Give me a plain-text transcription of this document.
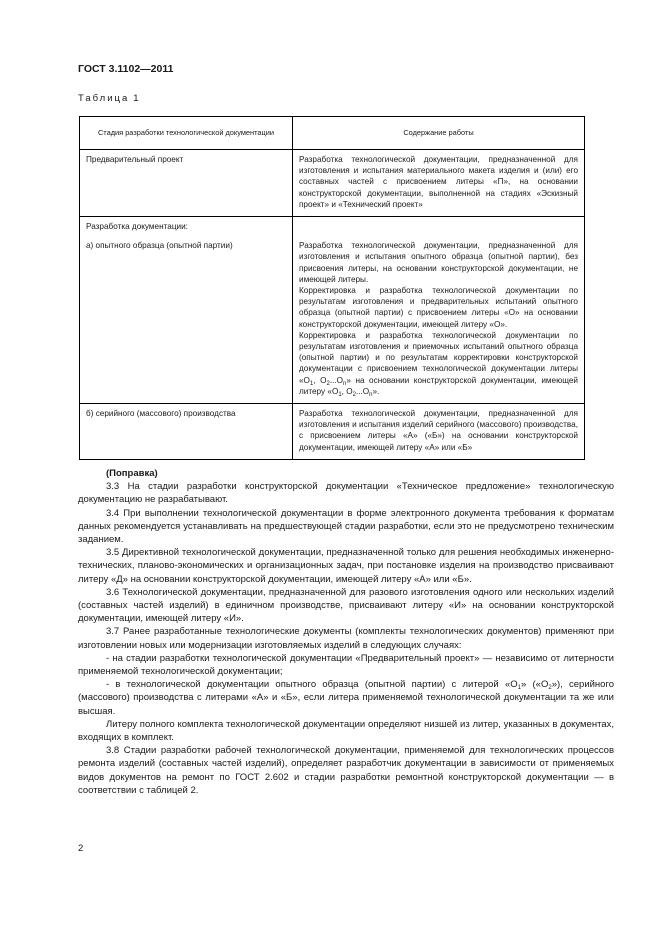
ГОСТ 3.1102—2011
Таблица 1
Стадия разработки технологической документации	Содержание работы
Предварительный проект	Разработка технологической документации, предназначенной для изготовления и испытания материального макета изделия и (или) его составных частей с присвоением литеры «П», на основании конструкторской документации, выполненной на стадиях «Эскизный проект» и «Технический проект»
Разработка документации:	

а) опытного образца (опытной партии)	Разработка технологической документации, предназначенной для изготовления и испытания опытного образца (опытной партии), без присвоения литеры, на основании конструкторской документации, не имеющей литеры.
Корректировка и разработка технологической документации по результатам изготовления и предварительных испытаний опытного образца (опытной партии) с присвоением литеры «О» на основании конструкторской документации, имеющей литеру «О».
Корректировка и разработка технологической документации по результатам изготовления и приемочных испытаний опытного образца (опытной партии) и по результатам корректировки конструкторской документации с присвоением технологической документации литеры «$О_1$, $О_2...О_n$» на основании конструкторской документации, имеющей литеру «$О_1$, $О_2...О_n$».

б) серийного (массового) производства	Разработка технологической документации, предназначенной для изготовления и испытания изделий серийного (массового) производства, с присвоением литеры «А» («Б») на основании конструкторской документации, имеющей литеру «А» или «Б»

(Поправка)

3.3 На стадии разработки конструкторской документации «Техническое предложение» технологическую документацию не разрабатывают.

3.4 При выполнении технологической документации в форме электронного документа требования к форматам данных рекомендуется устанавливать на предшествующей стадии разработки, если это не предусмотрено техническим заданием.

3.5 Директивной технологической документации, предназначенной только для решения необходимых инженерно-технических, планово-экономических и организационных задач, при постановке изделия на производство присваивают литеру «Д» на основании конструкторской документации, имеющей литеру «А» или «Б».

3.6 Технологической документации, предназначенной для разового изготовления одного или нескольких изделий (составных частей изделий) в единичном производстве, присваивают литеру «И» на основании конструкторской документации, имеющей литеру «И».

3.7 Ранее разработанные технологические документы (комплекты технологических документов) применяют при изготовлении новых или модернизации изготовляемых изделий в следующих случаях:

- на стадии разработки технологической документации «Предварительный проект» — независимо от литерности применяемой технологической документации;

- в технологической документации опытного образца (опытной партии) с литерой «$О_1$» $(«О_2»)$, серийного (массового) производства с литерами «А» и «Б», если литера применяемой технологической документации та же или высшая.

Литеру полного комплекта технологической документации определяют низшей из литер, указанных в документах, входящих в комплект.

3.8 Стадии разработки рабочей технологической документации, применяемой для технологических процессов ремонта изделий (составных частей изделий), определяет разработчик документации в зависимости от применяемых видов документов на ремонт по ГОСТ 2.602 и стадии разработки ремонтной конструкторской документации — в соответствии с таблицей 2.

2
